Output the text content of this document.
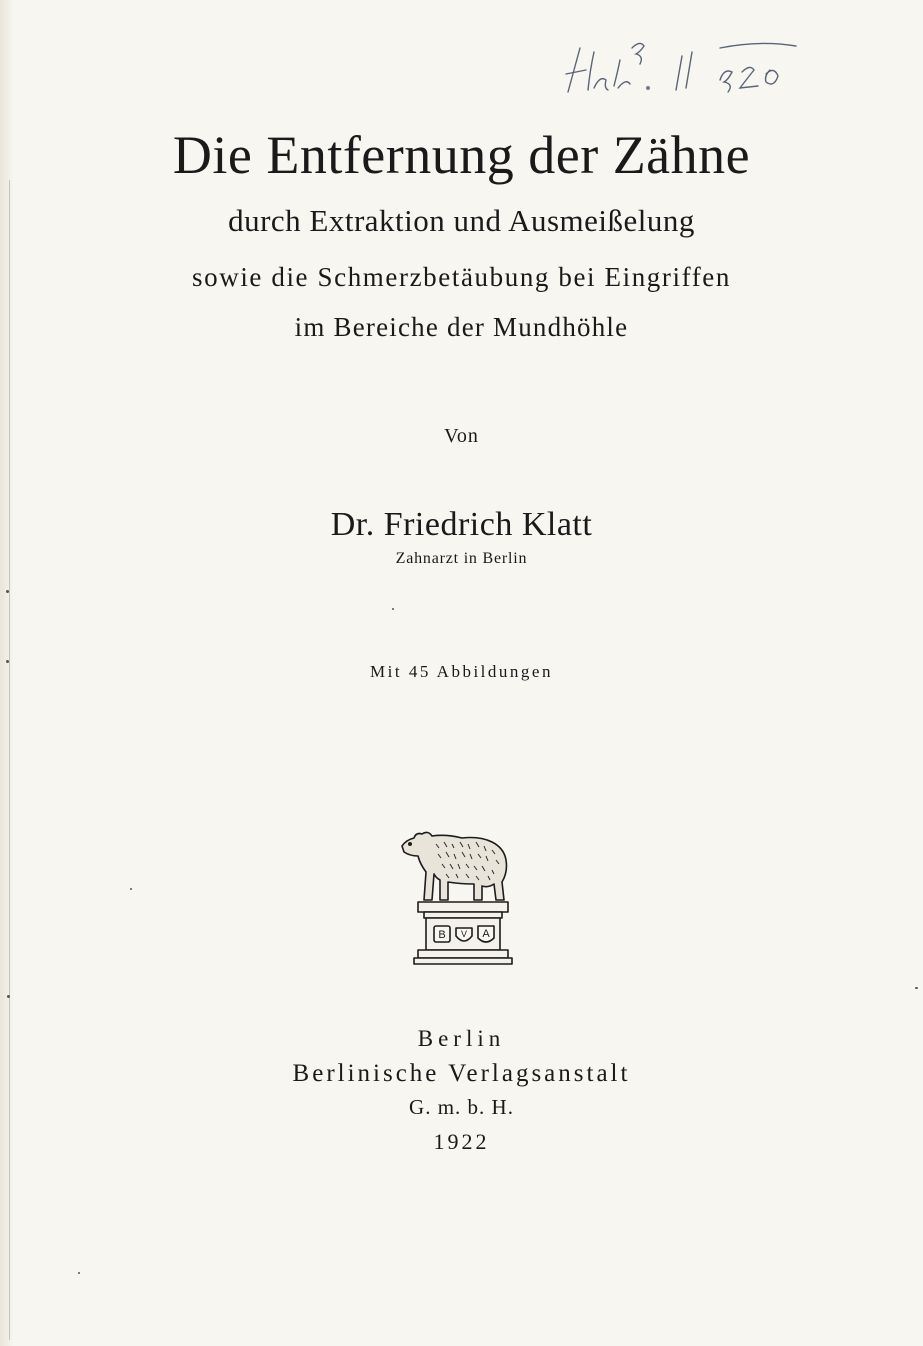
Die Entfernung der Zähne
durch Extraktion und Ausmeißelung
sowie die Schmerzbetäubung bei Eingriffen
im Bereiche der Mundhöhle
Von
Dr. Friedrich Klatt
Zahnarzt in Berlin
Mit 45 Abbildungen
B V A
Berlin
Berlinische Verlagsanstalt
G. m. b. H.
1922
